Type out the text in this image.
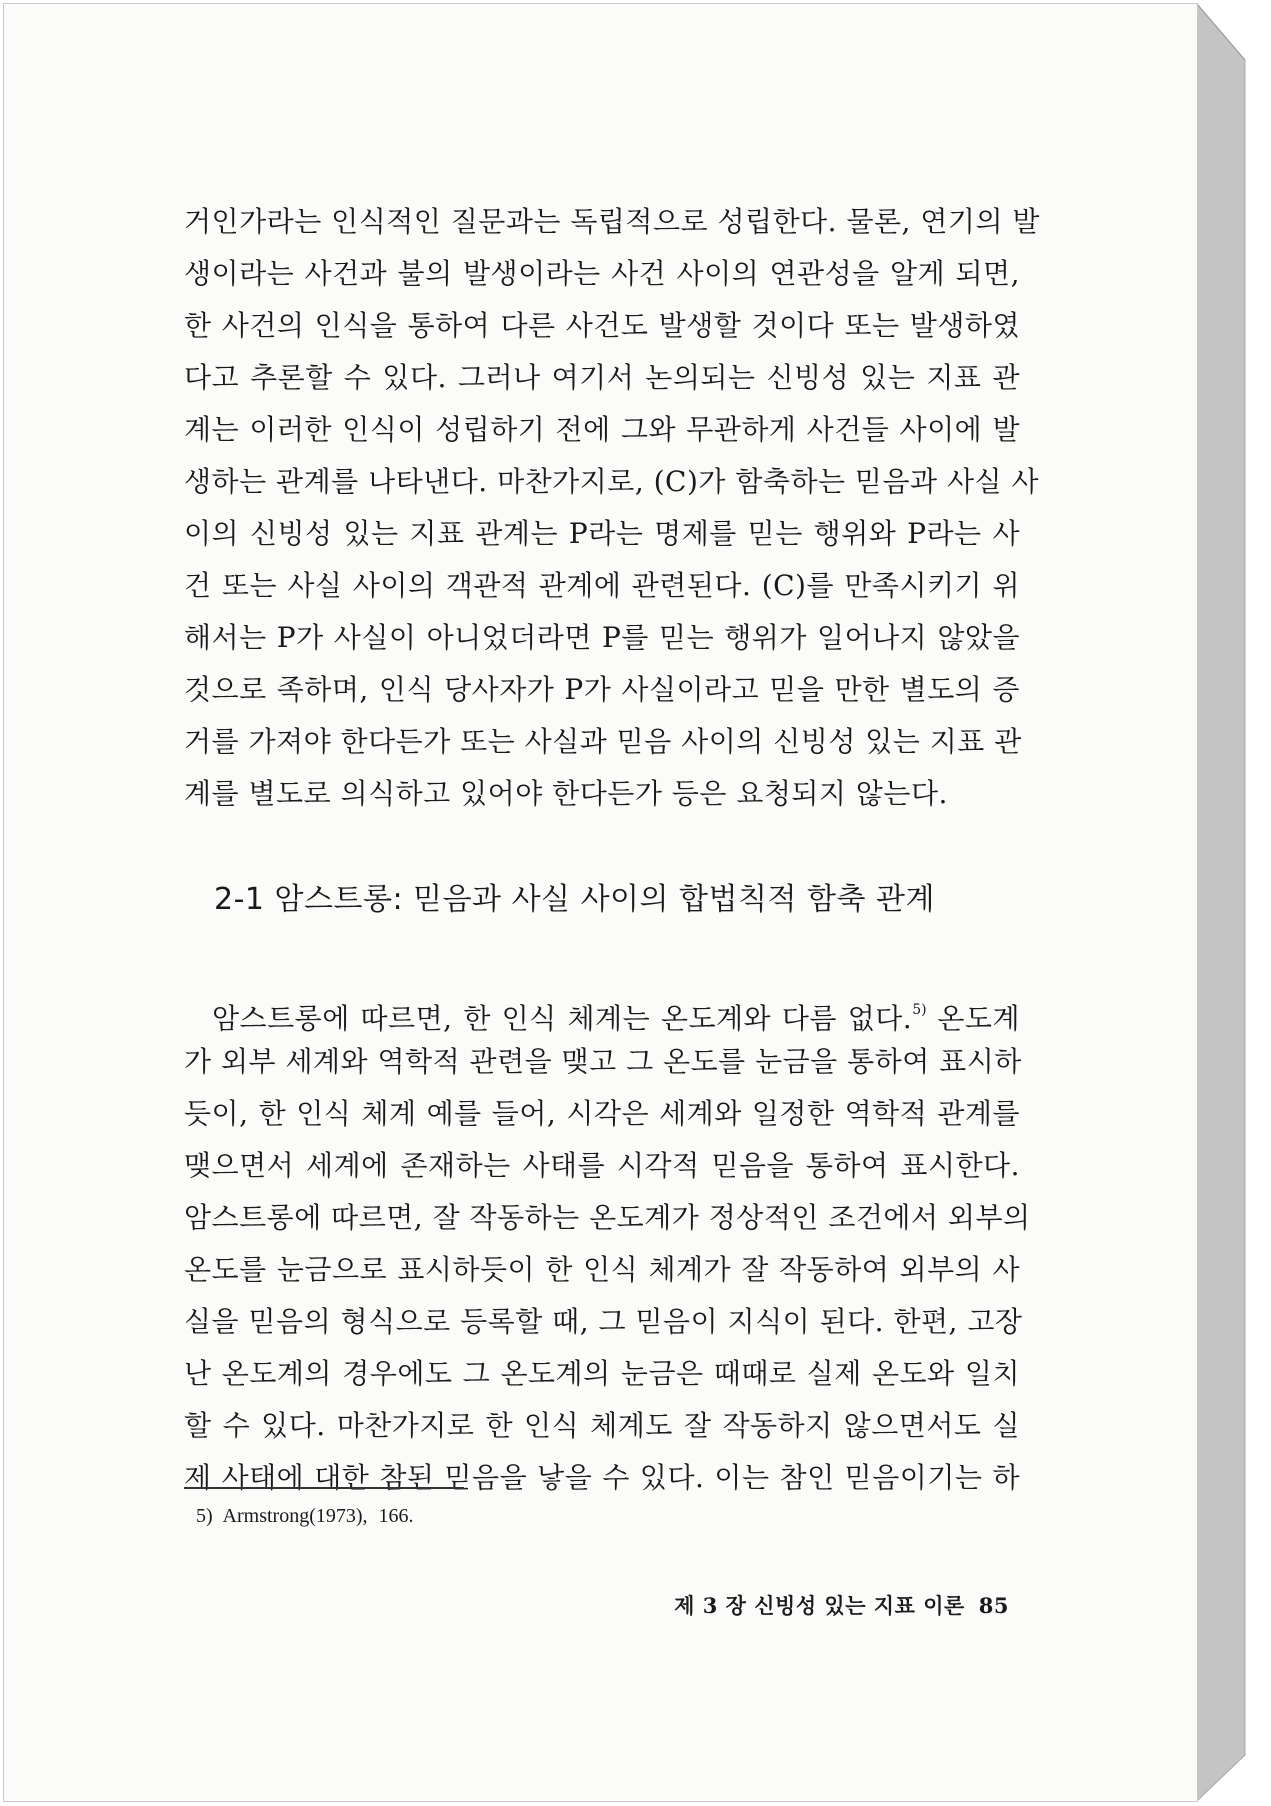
거인가라는 인식적인 질문과는 독립적으로 성립한다. 물론, 연기의 발
생이라는 사건과 불의 발생이라는 사건 사이의 연관성을 알게 되면,
한 사건의 인식을 통하여 다른 사건도 발생할 것이다 또는 발생하였
다고 추론할 수 있다. 그러나 여기서 논의되는 신빙성 있는 지표 관
계는 이러한 인식이 성립하기 전에 그와 무관하게 사건들 사이에 발
생하는 관계를 나타낸다. 마찬가지로, (C)가 함축하는 믿음과 사실 사
이의 신빙성 있는 지표 관계는 P라는 명제를 믿는 행위와 P라는 사
건 또는 사실 사이의 객관적 관계에 관련된다. (C)를 만족시키기 위
해서는 P가 사실이 아니었더라면 P를 믿는 행위가 일어나지 않았을
것으로 족하며, 인식 당사자가 P가 사실이라고 믿을 만한 별도의 증
거를 가져야 한다든가 또는 사실과 믿음 사이의 신빙성 있는 지표 관
계를 별도로 의식하고 있어야 한다든가 등은 요청되지 않는다.

2-1 암스트롱: 믿음과 사실 사이의 합법칙적 함축 관계

암스트롱에 따르면, 한 인식 체계는 온도계와 다름 없다.$^{5)}$ 온도계
가 외부 세계와 역학적 관련을 맺고 그 온도를 눈금을 통하여 표시하
듯이, 한 인식 체계 예를 들어, 시각은 세계와 일정한 역학적 관계를
맺으면서 세계에 존재하는 사태를 시각적 믿음을 통하여 표시한다.
암스트롱에 따르면, 잘 작동하는 온도계가 정상적인 조건에서 외부의
온도를 눈금으로 표시하듯이 한 인식 체계가 잘 작동하여 외부의 사
실을 믿음의 형식으로 등록할 때, 그 믿음이 지식이 된다. 한편, 고장
난 온도계의 경우에도 그 온도계의 눈금은 때때로 실제 온도와 일치
할 수 있다. 마찬가지로 한 인식 체계도 잘 작동하지 않으면서도 실
제 사태에 대한 참된 믿음을 낳을 수 있다. 이는 참인 믿음이기는 하

5) Armstrong(1973), 166.
제 3 장 신빙성 있는 지표 이론 85
